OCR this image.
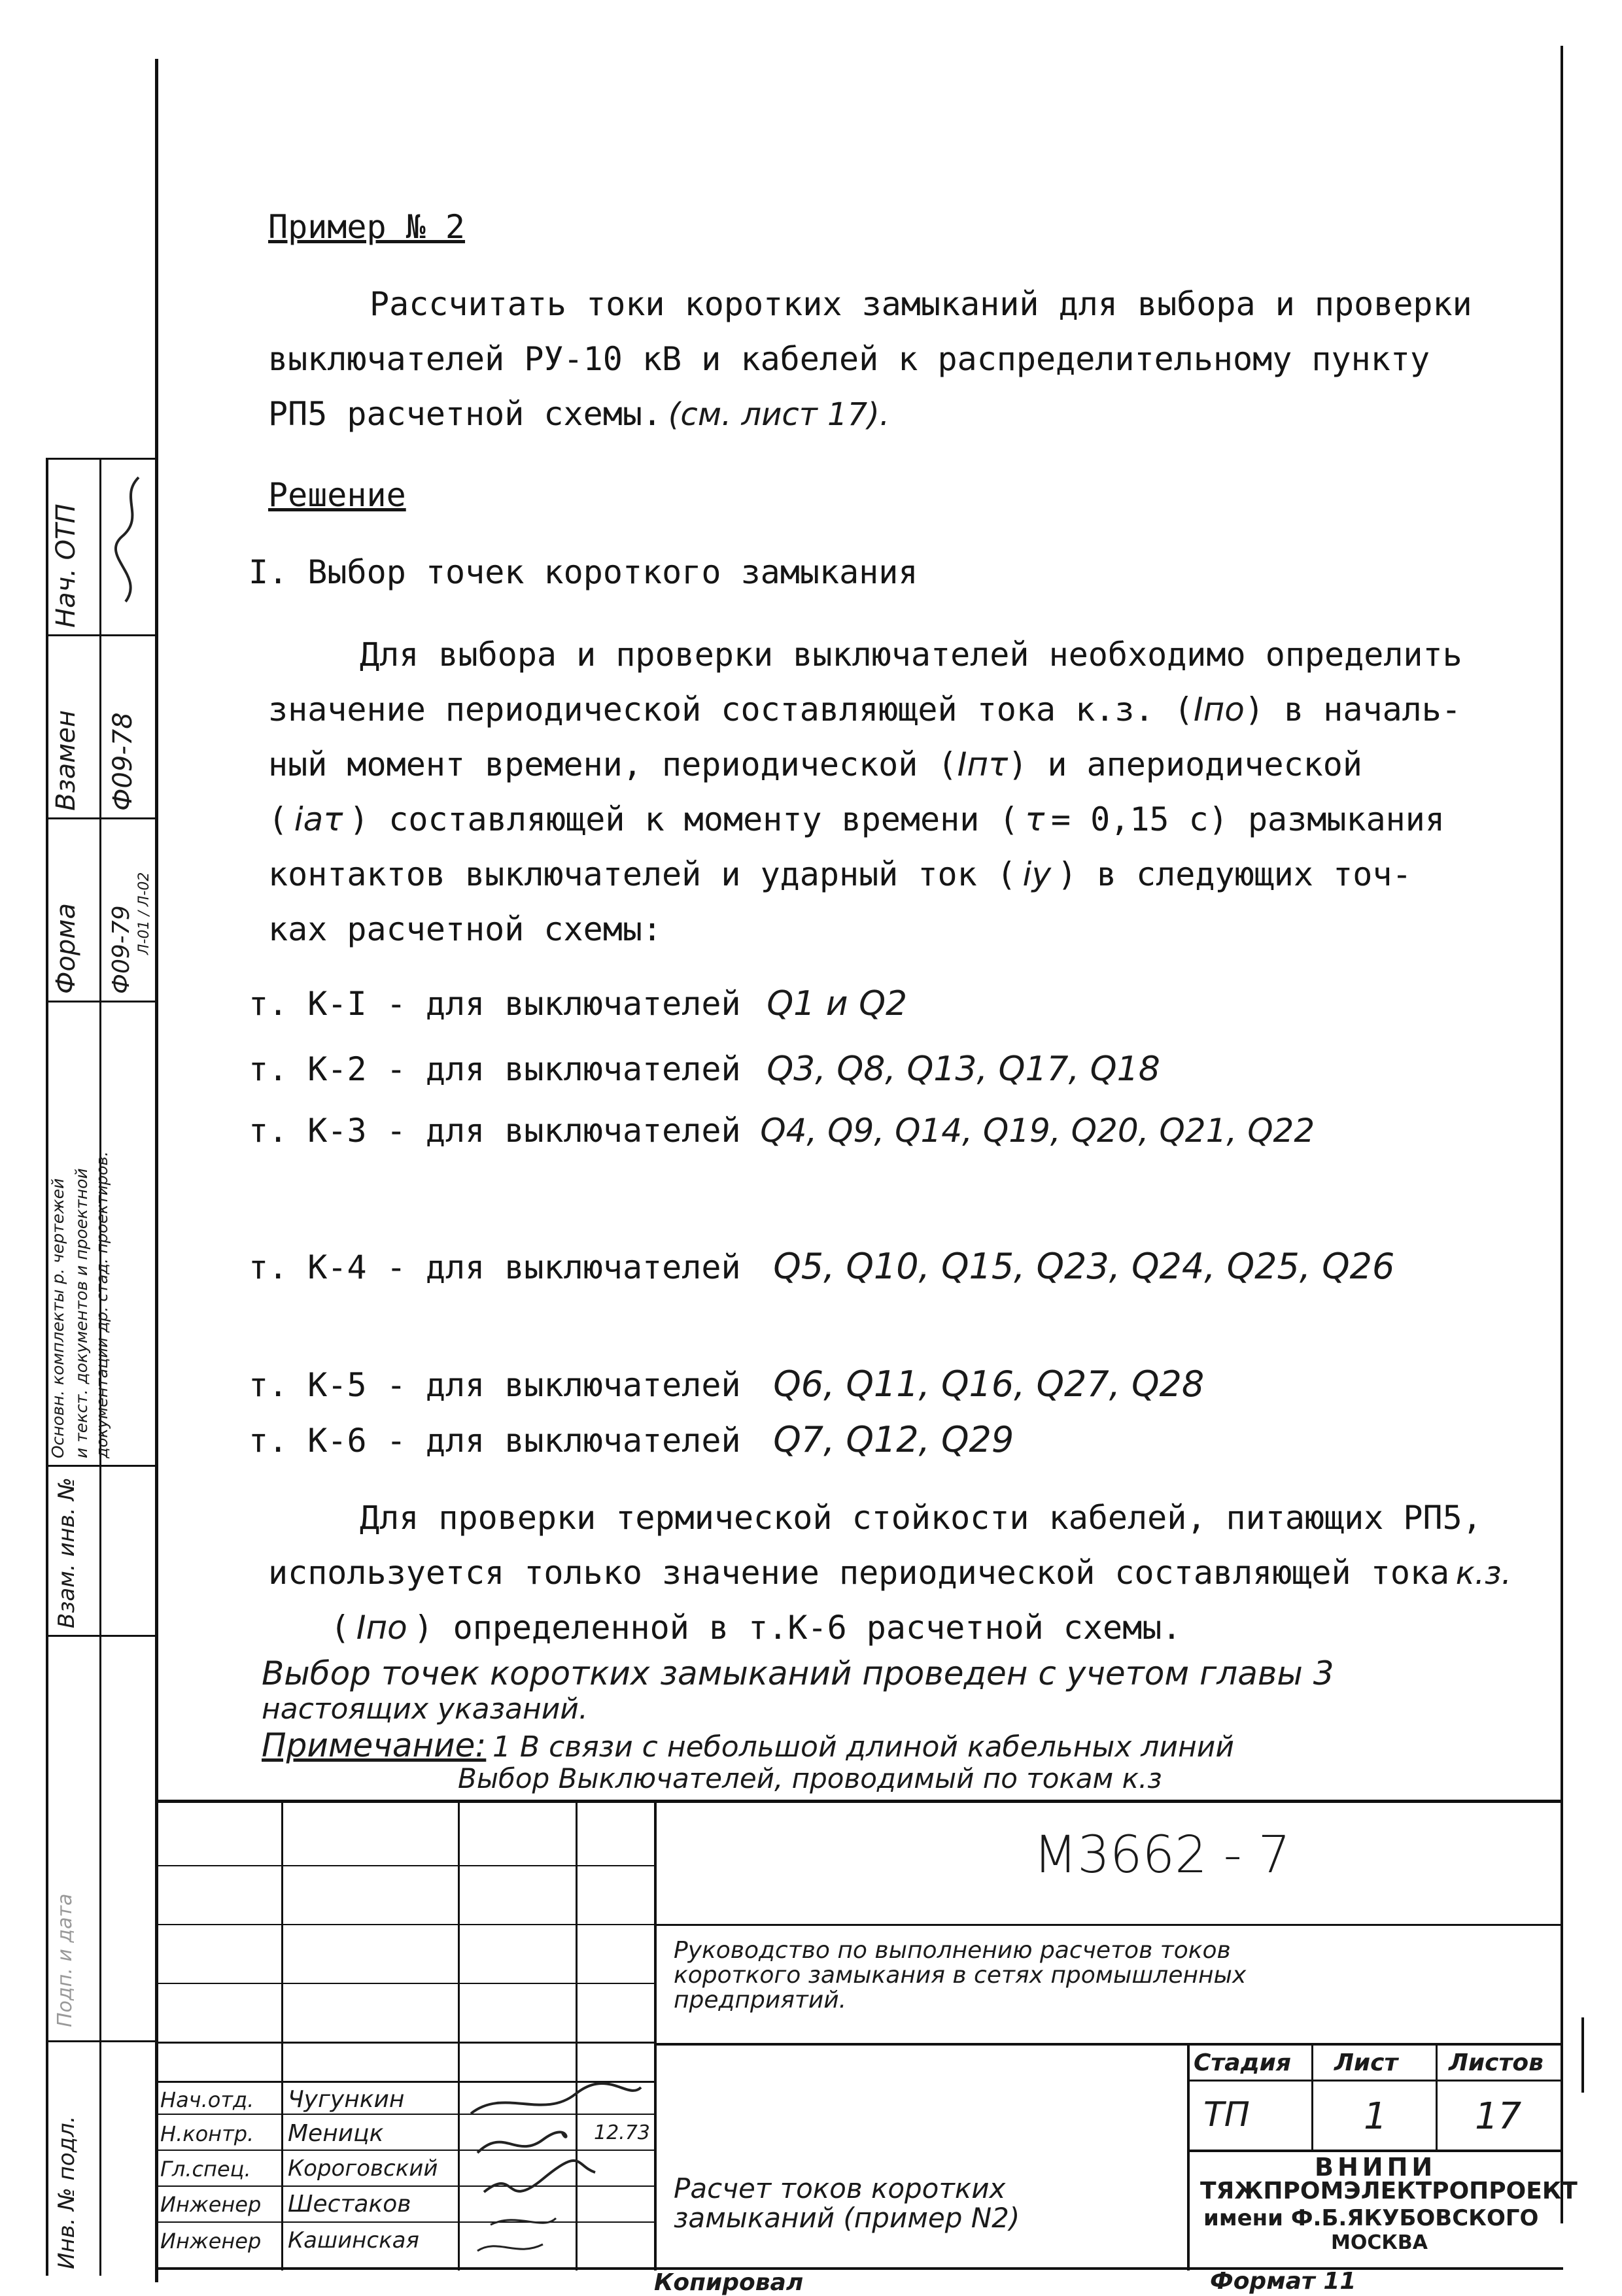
Пример № 2
Рассчитать токи коротких замыканий для выбора и проверки
выключателей РУ-10 кВ и кабелей к распределительному пункту
РП5 расчетной схемы. (см. лист 17).
Решение
I. Выбор точек короткого замыкания
Для выбора и проверки выключателей необходимо определить
значение периодической составляющей тока к.з. (Iпо) в началь-
ный момент времени, периодической (Iпτ) и апериодической
( iaτ ) составляющей к моменту времени ( τ = 0,15 с) размыкания
контактов выключателей и ударный ток ( iy ) в следующих точ-
ках расчетной схемы:
т. К-I - для выключателей Q1 и Q2
т. К-2 - для выключателей Q3, Q8, Q13, Q17, Q18
т. К-3 - для выключателей Q4, Q9, Q14, Q19, Q20, Q21, Q22
т. К-4 - для выключателей Q5, Q10, Q15, Q23, Q24, Q25, Q26
т. К-5 - для выключателей Q6, Q11, Q16, Q27, Q28
т. К-6 - для выключателей Q7, Q12, Q29
Для проверки термической стойкости кабелей, питающих РП5,
используется только значение периодической составляющей тока к.з.
( Iпо ) определенной в т.К-6 расчетной схемы.
Выбор точек коротких замыканий проведен с учетом главы 3
настоящих указаний.
Примечание: 1 В связи с небольшой длиной кабельных линий
Выбор Выключателей, проводимый по токам к.з
Нач. ОТП
Взамен Ф09-78
Форма Ф09-79 Л-01 / Л-02
Основн. комплекты р. чертежей и текст. документов и проектной документации др. стад. проектиров.
Взам. инв. №
Подп. и дата
Инв. № подл.
М3662 - 7
Руководство по выполнению расчетов токов
короткого замыкания в сетях промышленных
предприятий.
Расчет токов коротких
замыканий (пример N2)
Стадия Лист Листов
ТП	1 17
ВНИПИ
ТЯЖПРОМЭЛЕКТРОПРОЕКТ
имени Ф.Б.ЯКУБОВСКОГО
МОСКВА
Нач.отд. Чугункин
Н.контр. Меницк	12.73
Гл.спец. Короговский
Инженер Шестаков
Инженер Кашинская
Копировал	Формат 11
